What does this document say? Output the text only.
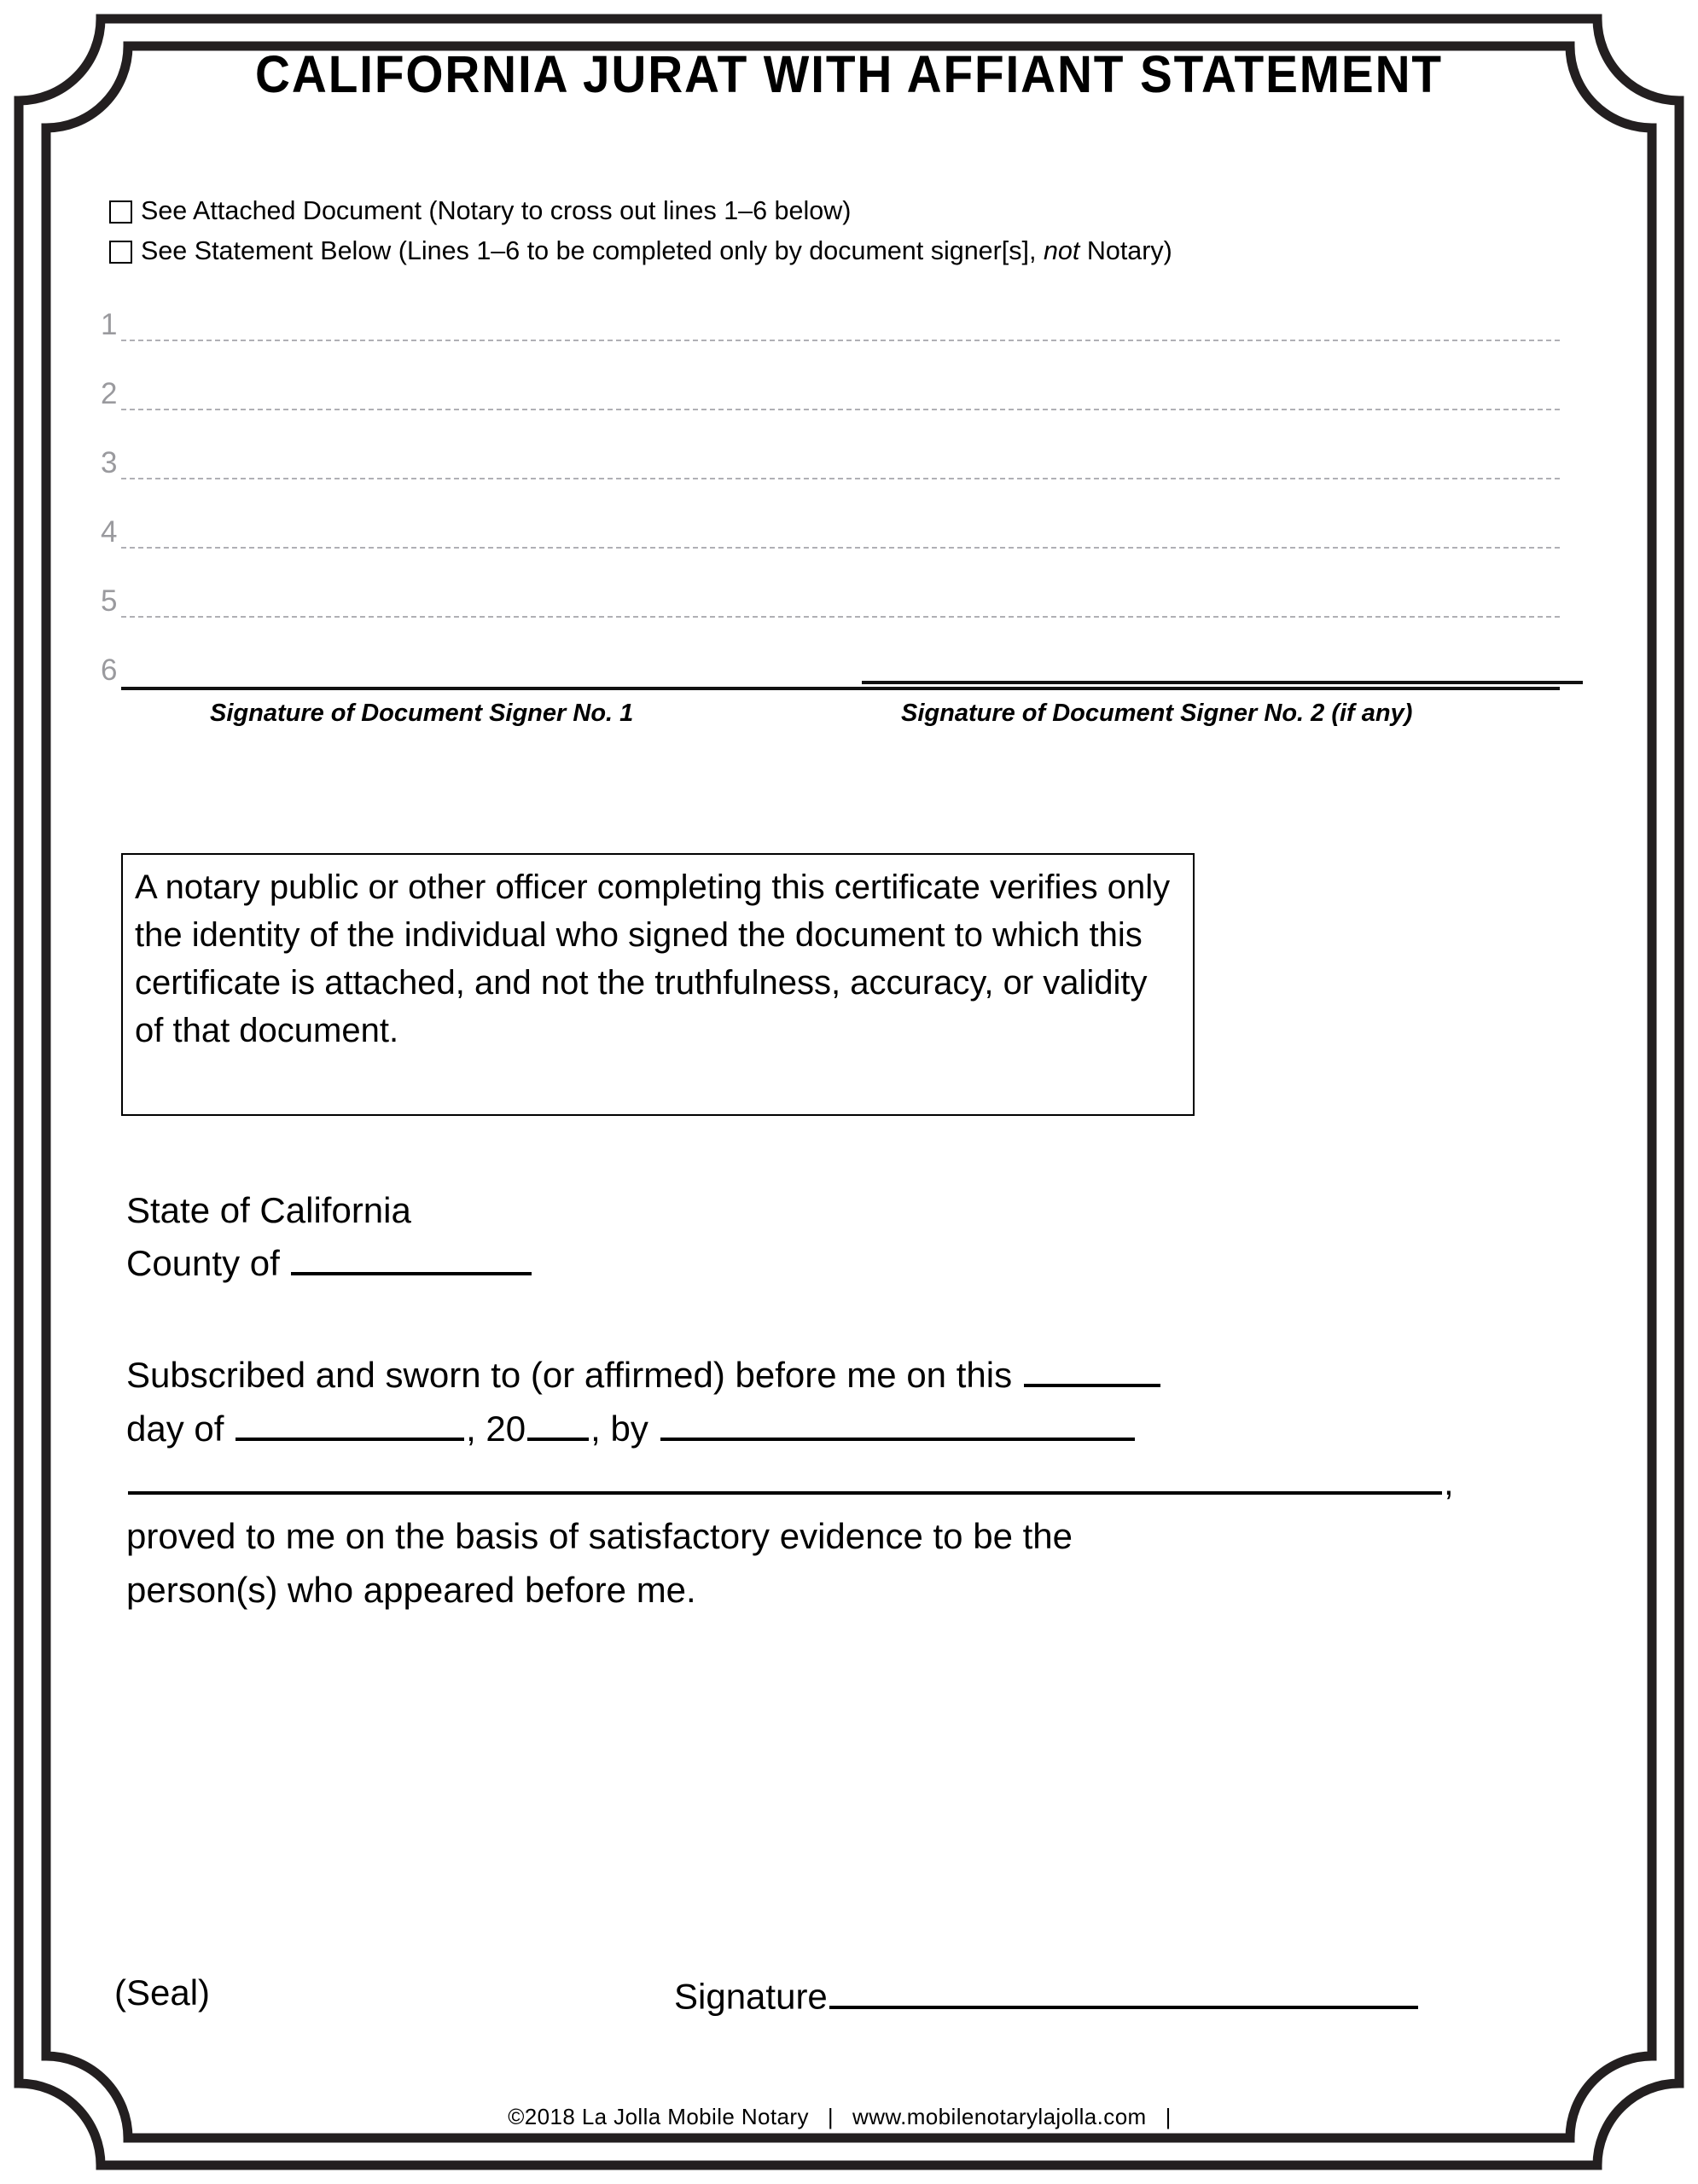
CALIFORNIA JURAT WITH AFFIANT STATEMENT
See Attached Document (Notary to cross out lines 1–6 below)
See Statement Below (Lines 1–6 to be completed only by document signer[s], not Notary)
1
2
3
4
5
6
Signature of Document Signer No. 1	Signature of Document Signer No. 2 (if any)

A notary public or other officer completing this certificate verifies only the identity of the individual who signed the document to which this certificate is attached, and not the truthfulness, accuracy, or validity of that document.

State of California
County of
Subscribed and sworn to (or affirmed) before me on this
day of	, 20 , by
,
proved to me on the basis of satisfactory evidence to be the
person(s) who appeared before me.
(Seal)	Signature
©2018 La Jolla Mobile Notary | www.mobilenotarylajolla.com |
